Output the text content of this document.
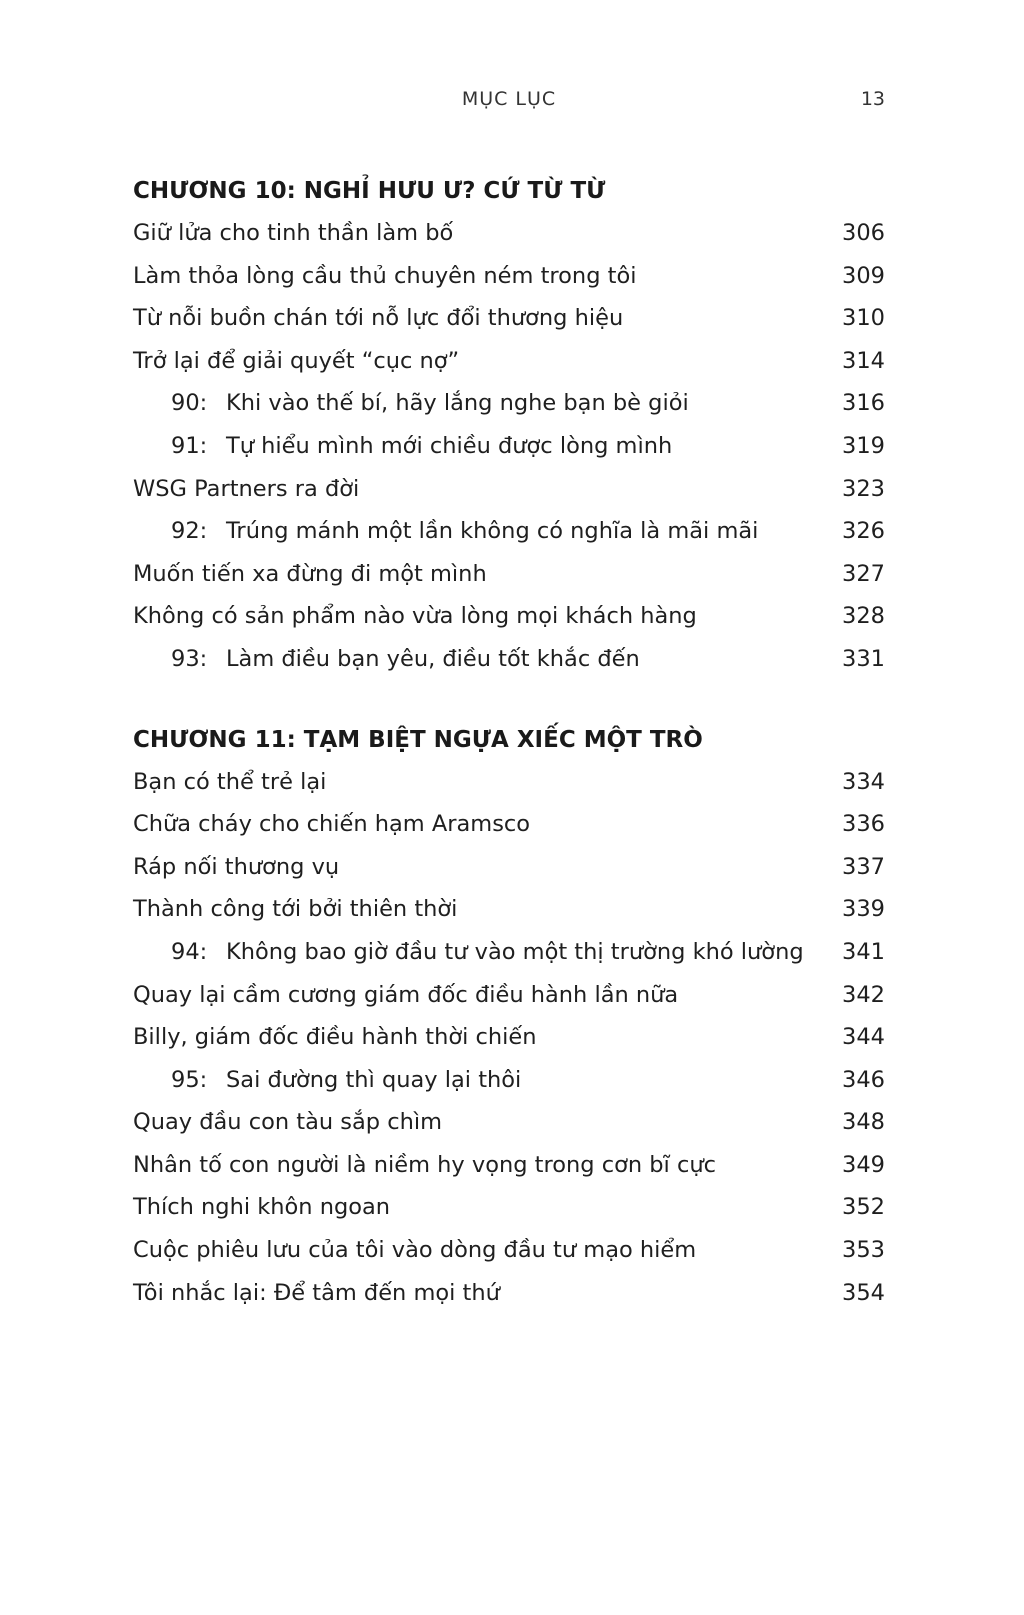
MỤC LỤC	13
CHƯƠNG 10: NGHỈ HƯU Ư? CỨ TỪ TỪ
Giữ lửa cho tinh thần làm bố	306
Làm thỏa lòng cầu thủ chuyên ném trong tôi	309
Từ nỗi buồn chán tới nỗ lực đổi thương hiệu	310
Trở lại để giải quyết “cục nợ”	314
90: Khi vào thế bí, hãy lắng nghe bạn bè giỏi	316
91: Tự hiểu mình mới chiều được lòng mình	319
WSG Partners ra đời	323
92: Trúng mánh một lần không có nghĩa là mãi mãi	326
Muốn tiến xa đừng đi một mình	327
Không có sản phẩm nào vừa lòng mọi khách hàng	328
93: Làm điều bạn yêu, điều tốt khắc đến	331
CHƯƠNG 11: TẠM BIỆT NGỰA XIẾC MỘT TRÒ
Bạn có thể trẻ lại	334
Chữa cháy cho chiến hạm Aramsco	336
Ráp nối thương vụ	337
Thành công tới bởi thiên thời	339
94: Không bao giờ đầu tư vào một thị trường khó lường 341
Quay lại cầm cương giám đốc điều hành lần nữa	342
Billy, giám đốc điều hành thời chiến	344
95: Sai đường thì quay lại thôi	346
Quay đầu con tàu sắp chìm	348
Nhân tố con người là niềm hy vọng trong cơn bĩ cực	349
Thích nghi khôn ngoan	352
Cuộc phiêu lưu của tôi vào dòng đầu tư mạo hiểm	353
Tôi nhắc lại: Để tâm đến mọi thứ	354
